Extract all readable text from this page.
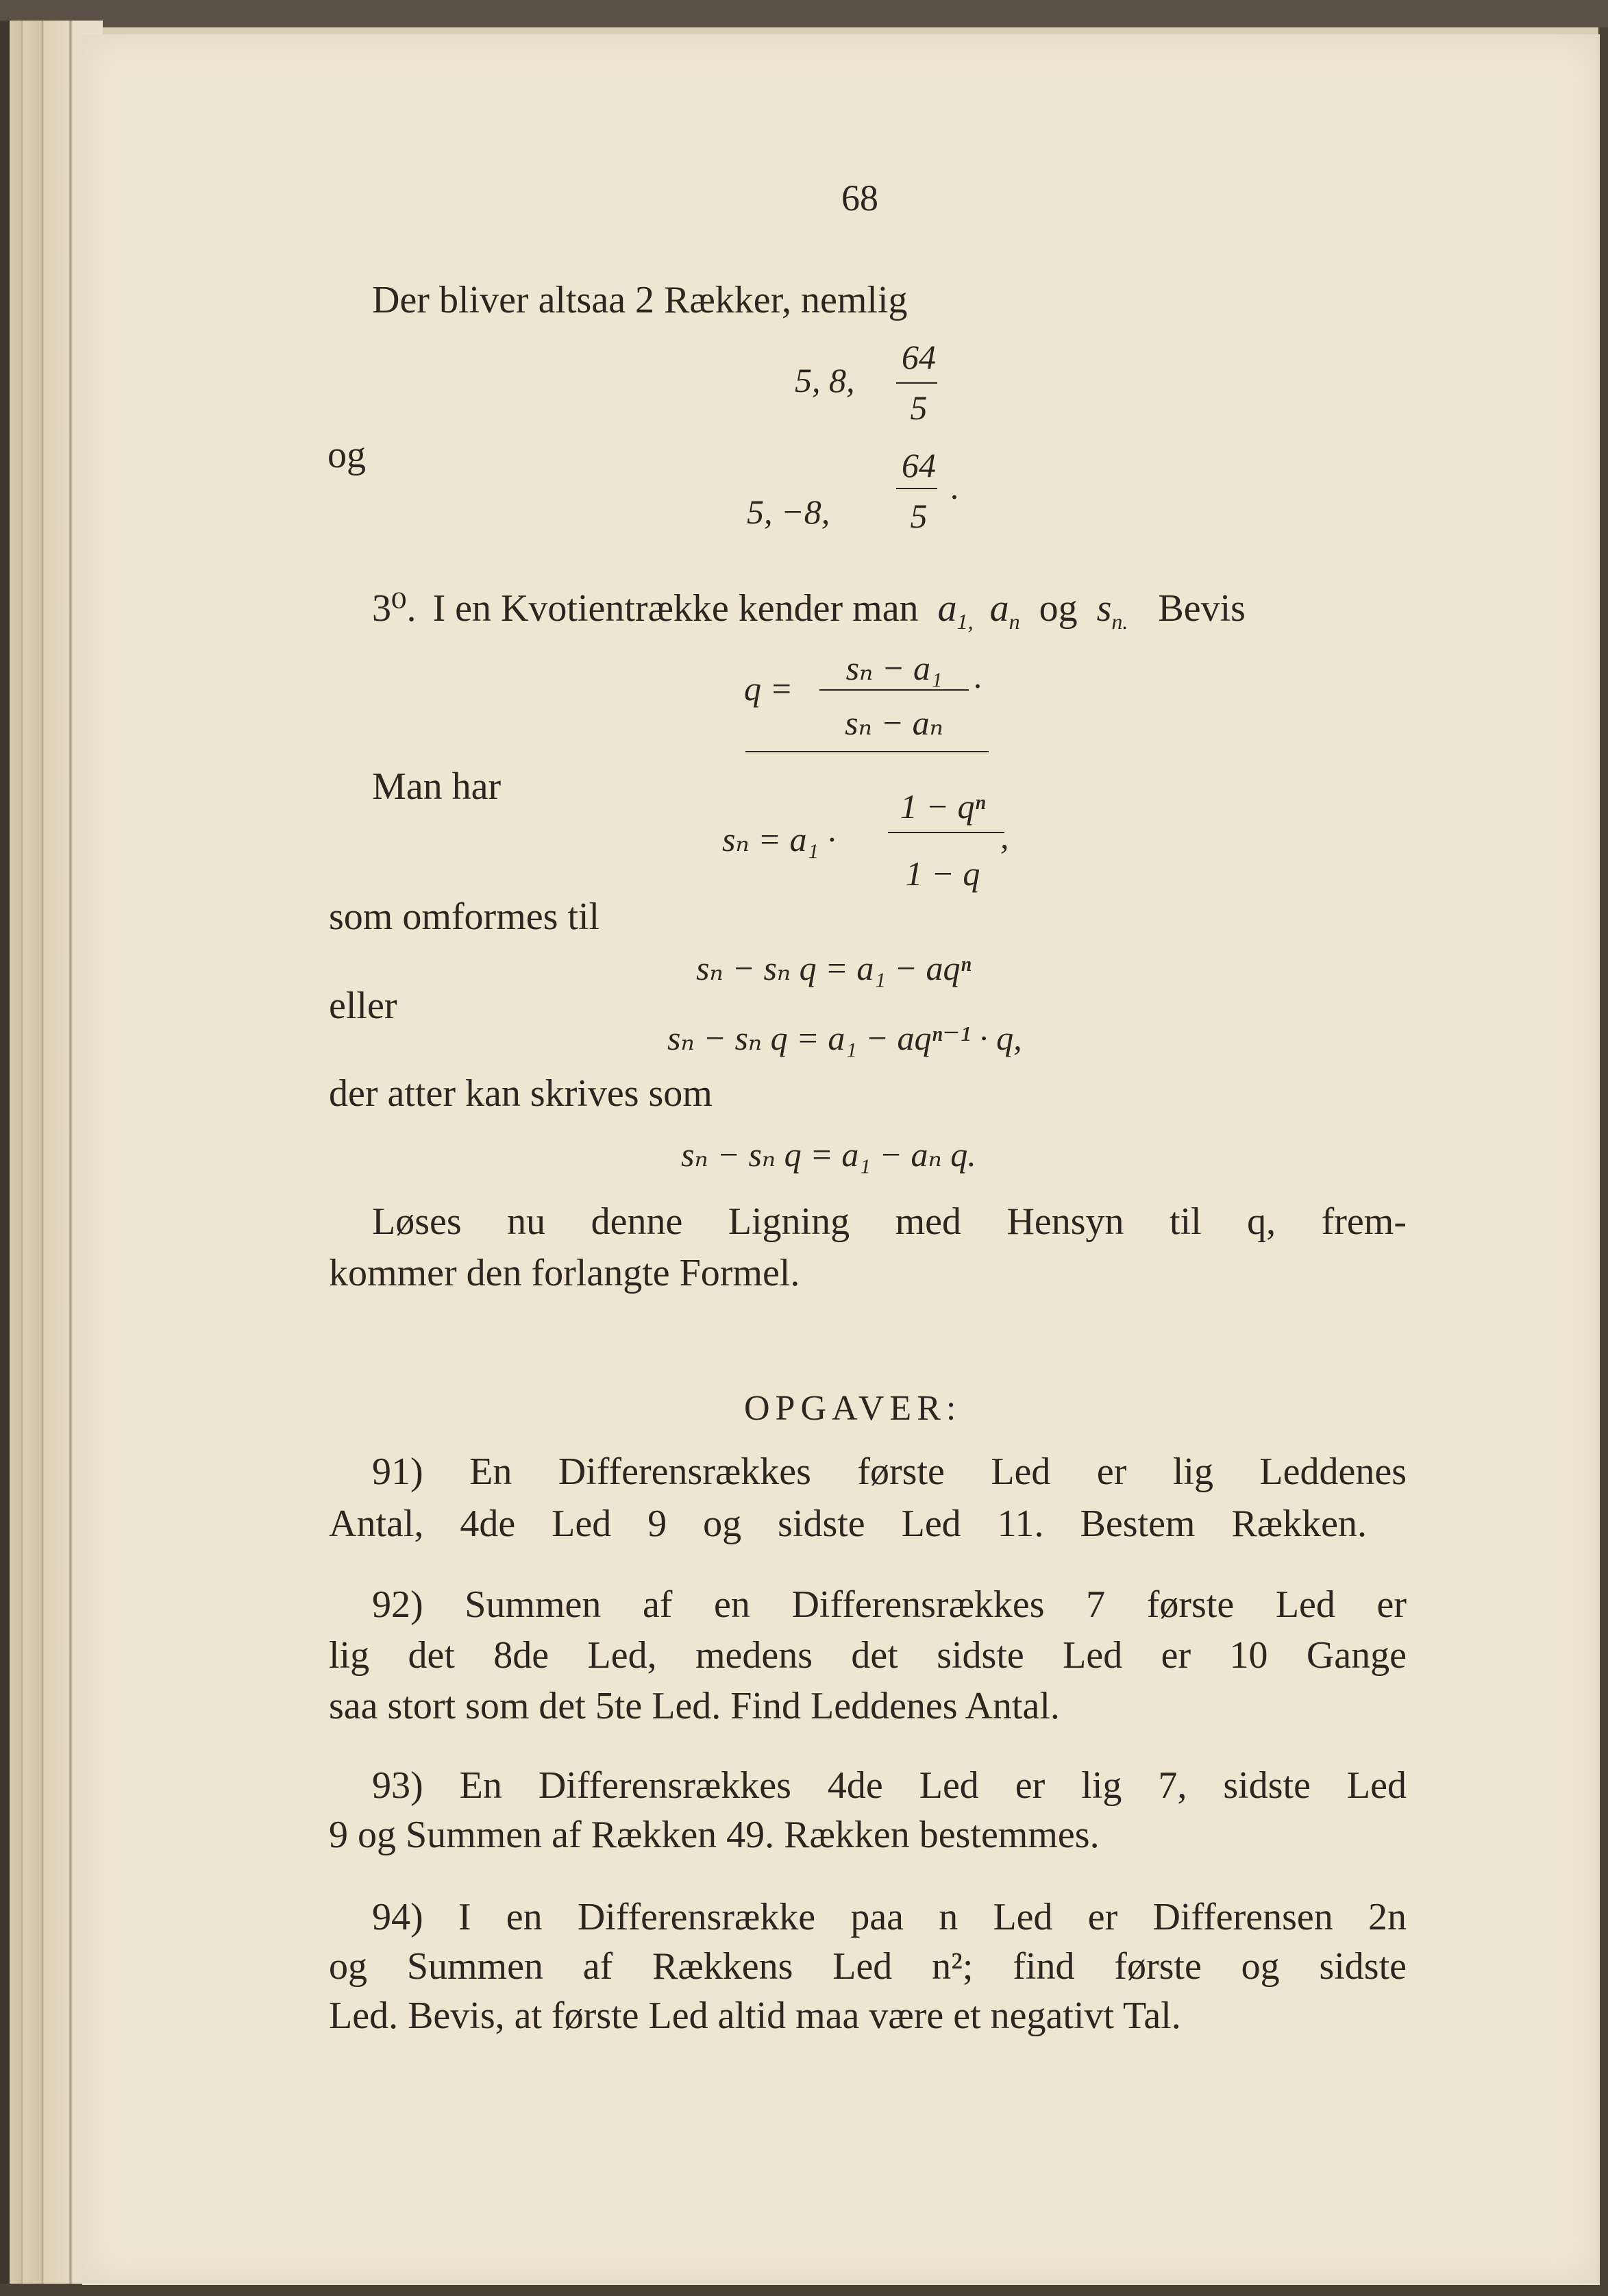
68
Der bliver altsaa 2 Rækker, nemlig
5, 8,
64
5
og
5, −8,
64
5 ·
3⁰. I en Kvotientrække kender man $a_{1,}$ $a_n$ og $s_{n.}$ Bevis
q =
sₙ − a₁
sₙ − aₙ
·
Man har
sₙ = a₁ ·
1 − qⁿ
1 − q
,
som omformes til
sₙ − sₙ q = a₁ − aqⁿ
eller
sₙ − sₙ q = a₁ − aqⁿ⁻¹ · q,
der atter kan skrives som
sₙ − sₙ q = a₁ − aₙ q.
Løses nu denne Ligning med Hensyn til q, frem-
kommer den forlangte Formel.
OPGAVER:
91) En Differensrækkes første Led er lig Leddenes
Antal, 4de Led 9 og sidste Led 11. Bestem Rækken.
92) Summen af en Differensrækkes 7 første Led er
lig det 8de Led, medens det sidste Led er 10 Gange
saa stort som det 5te Led. Find Leddenes Antal.
93) En Differensrækkes 4de Led er lig 7, sidste Led
9 og Summen af Rækken 49. Rækken bestemmes.
94) I en Differensrække paa n Led er Differensen 2n
og Summen af Rækkens Led n²; find første og sidste
Led. Bevis, at første Led altid maa være et negativt Tal.
